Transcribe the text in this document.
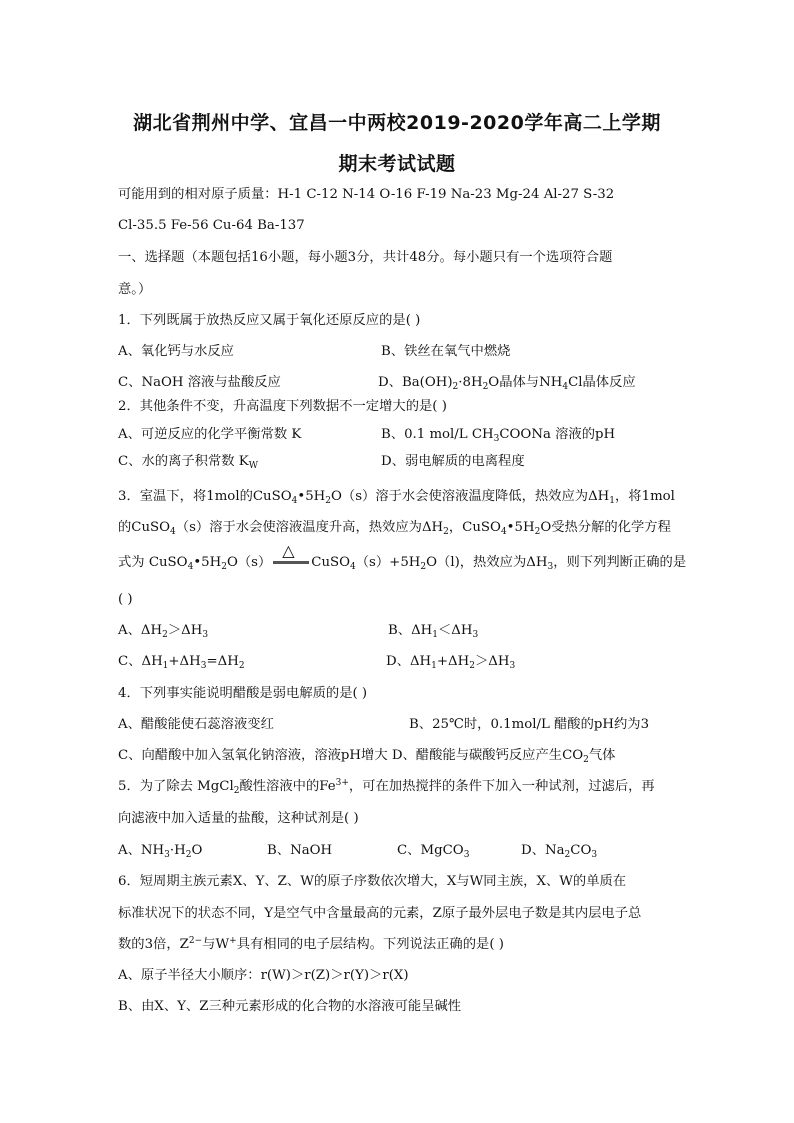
湖北省荆州中学、宜昌一中两校2019-2020学年高二上学期
期末考试试题
可能用到的相对原子质量：H-1 C-12 N-14 O-16 F-19 Na-23 Mg-24 Al-27 S-32
Cl-35.5 Fe-56 Cu-64 Ba-137
一、选择题（本题包括16小题，每小题3分，共计48分。每小题只有一个选项符合题
意。）
1．下列既属于放热反应又属于氧化还原反应的是( )
A、氧化钙与水反应	B、铁丝在氧气中燃烧
C、NaOH 溶液与盐酸反应	D、$Ba(OH)_2\cdot 8H_2O$晶体与$NH_4Cl$晶体反应
2．其他条件不变，升高温度下列数据不一定增大的是( )
A、可逆反应的化学平衡常数 K	B、0.1 mol/L $CH_3COONa$ 溶液的pH
C、水的离子积常数 $K_W$	D、弱电解质的电离程度
3．室温下，将1mol的$CuSO_4•5H_2O(s)$溶于水会使溶液温度降低，热效应为$\Delta H_1$，将1mol
的CuSO$_4$（s）溶于水会使溶液温度升高，热效应为$\Delta H_2$，$CuSO_4•5H_2O$受热分解的化学方程
式为 $CuSO_4•5H_2O(s)$
△
$CuSO_4(s)+5H_2O(l)$，热效应为$\Delta H_3$，则下列判断正确的是
( )
A、$\Delta H_2>\Delta H_3$	B、$\Delta H_1<\Delta H_3$
C、$\Delta H_1+\Delta H_3=\Delta H_2$	D、$\Delta H_1+\Delta H_2>\Delta H_3$
4．下列事实能说明醋酸是弱电解质的是( )
A、醋酸能使石蕊溶液变红	B、25℃时，0.1mol/L 醋酸的pH约为3
C、向醋酸中加入氢氧化钠溶液，溶液pH增大 D、醋酸能与碳酸钙反应产生$CO_2$气体
5．为了除去 MgCl$_2$酸性溶液中的$Fe^{3+}$，可在加热搅拌的条件下加入一种试剂，过滤后，再
向滤液中加入适量的盐酸，这种试剂是( )
A、$NH_3\cdot H_2O$	B、NaOH	C、MgCO$_3$	D、$Na_2CO_3$
6．短周期主族元素X、Y、Z、W的原子序数依次增大，X与W同主族，X、W的单质在
标准状况下的状态不同，Y是空气中含量最高的元素，Z原子最外层电子数是其内层电子总
数的3倍，$Z^{2-}$与W+具有相同的电子层结构。下列说法正确的是( )
A、原子半径大小顺序：r(W)＞r(Z)＞r(Y)＞r(X)
B、由X、Y、Z三种元素形成的化合物的水溶液可能呈碱性
